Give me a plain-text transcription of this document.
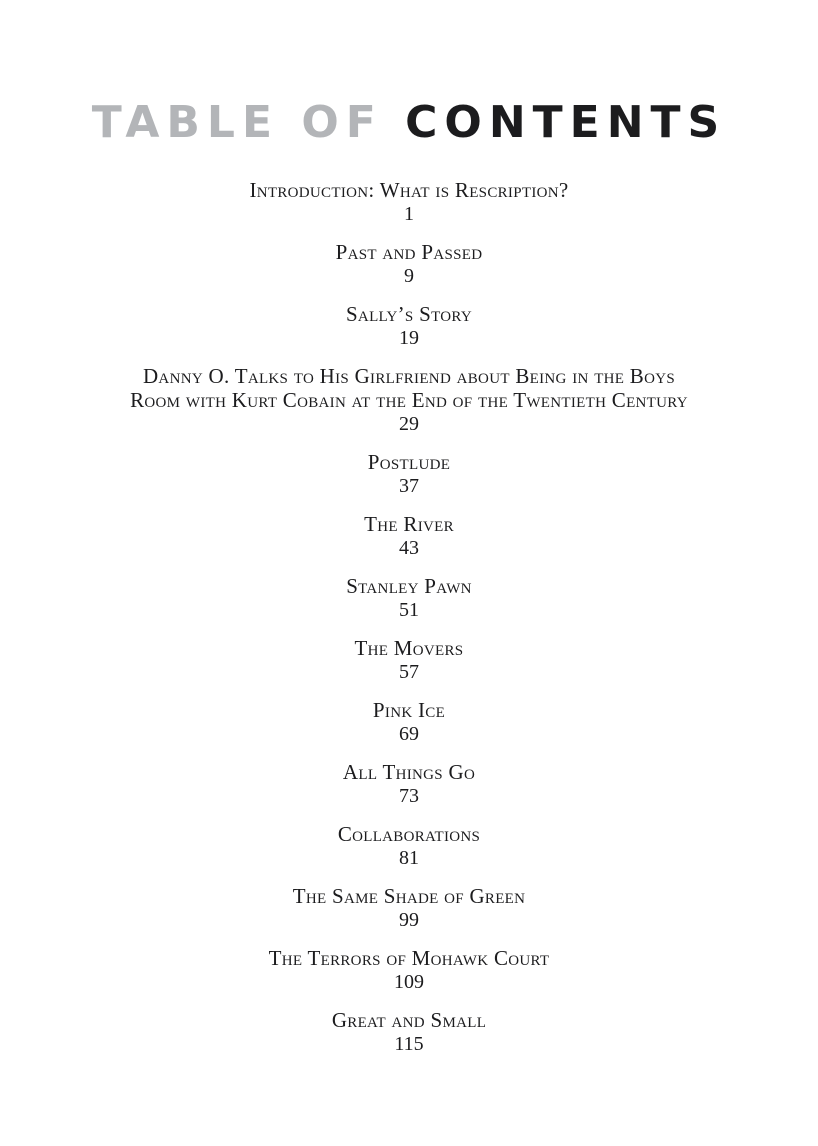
TABLE OF CONTENTS
Introduction: What is Rescription?
1
Past and Passed
9
Sally’s Story
19
Danny O. Talks to His Girlfriend about Being in the Boys
Room with Kurt Cobain at the End of the Twentieth Century
29
Postlude
37
The River
43
Stanley Pawn
51
The Movers
57
Pink Ice
69
All Things Go
73
Collaborations
81
The Same Shade of Green
99
The Terrors of Mohawk Court
109
Great and Small
115
